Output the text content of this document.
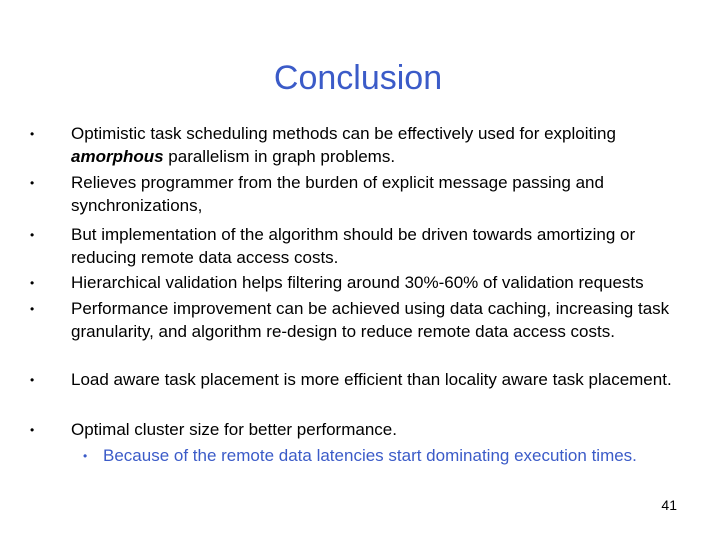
Conclusion
• Optimistic task scheduling methods can be effectively used for exploiting amorphous parallelism in graph problems.
• Relieves programmer from the burden of explicit message passing and synchronizations,
• But implementation of the algorithm should be driven towards amortizing or reducing remote data access costs.
• Hierarchical validation helps filtering around 30%-60% of validation requests
• Performance improvement can be achieved using data caching, increasing task granularity, and algorithm re-design to reduce remote data access costs.
• Load aware task placement is more efficient than locality aware task placement.
• Optimal cluster size for better performance.
• Because of the remote data latencies start dominating execution times.
41
